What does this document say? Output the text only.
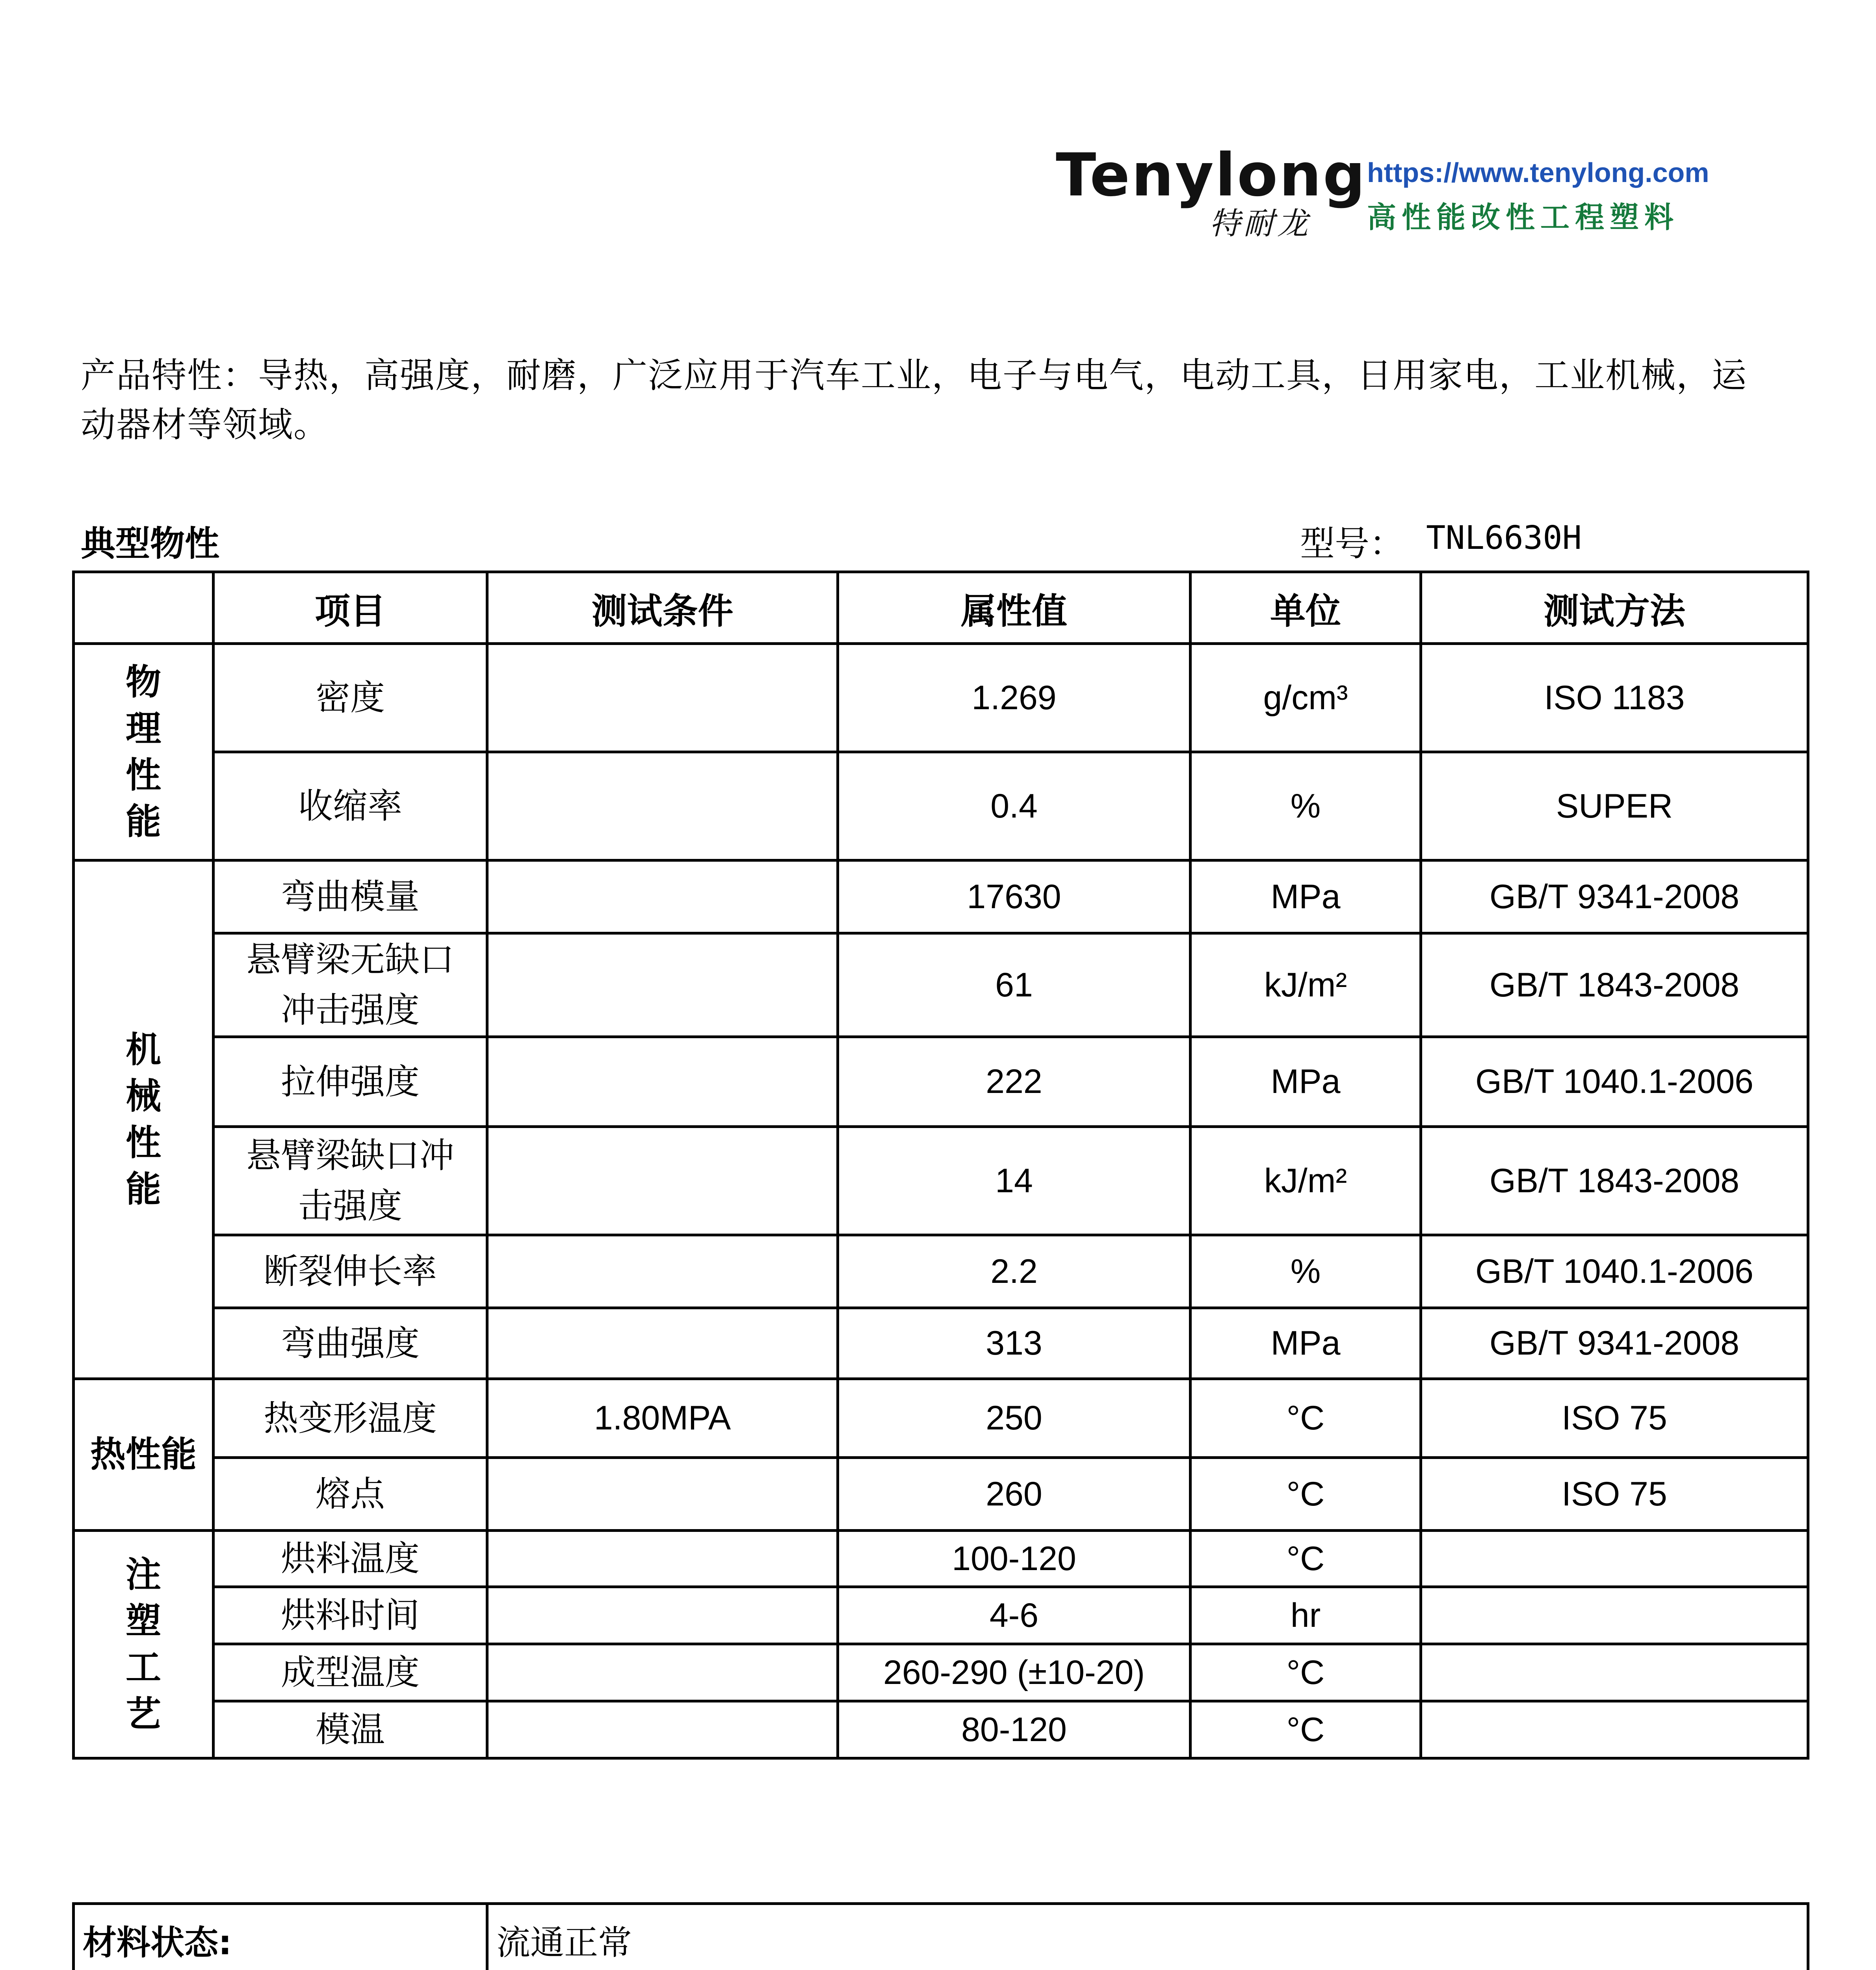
Tenylong
特耐龙
https://www.tenylong.com
高性能改性工程塑料
产品特性：导热，高强度，耐磨，广泛应用于汽车工业，电子与电气，电动工具，日用家电，工业机械，运动器材等领域。
典型物性	型号： TNL6630H
	项目	测试条件	属性值	单位	测试方法
物
理
性
能	密度		1.269	g/cm³	ISO 1183
	收缩率		0.4	%	SUPER
机
械
性
能	弯曲模量		17630	MPa	GB/T 9341-2008
	悬臂梁无缺口
冲击强度		61	kJ/m²	GB/T 1843-2008
	拉伸强度		222	MPa	GB/T 1040.1-2006
	悬臂梁缺口冲
击强度		14	kJ/m²	GB/T 1843-2008
	断裂伸长率		2.2	%	GB/T 1040.1-2006
	弯曲强度		313	MPa	GB/T 9341-2008
热性能	热变形温度	1.80MPA	250	°C	ISO 75
	熔点		260	°C	ISO 75
注
塑
工
艺	烘料温度		100-120	°C	
	烘料时间		4-6	hr	
	成型温度		260-290 (±10-20)	°C	
	模温		80-120	°C	
材料状态:	流通正常
